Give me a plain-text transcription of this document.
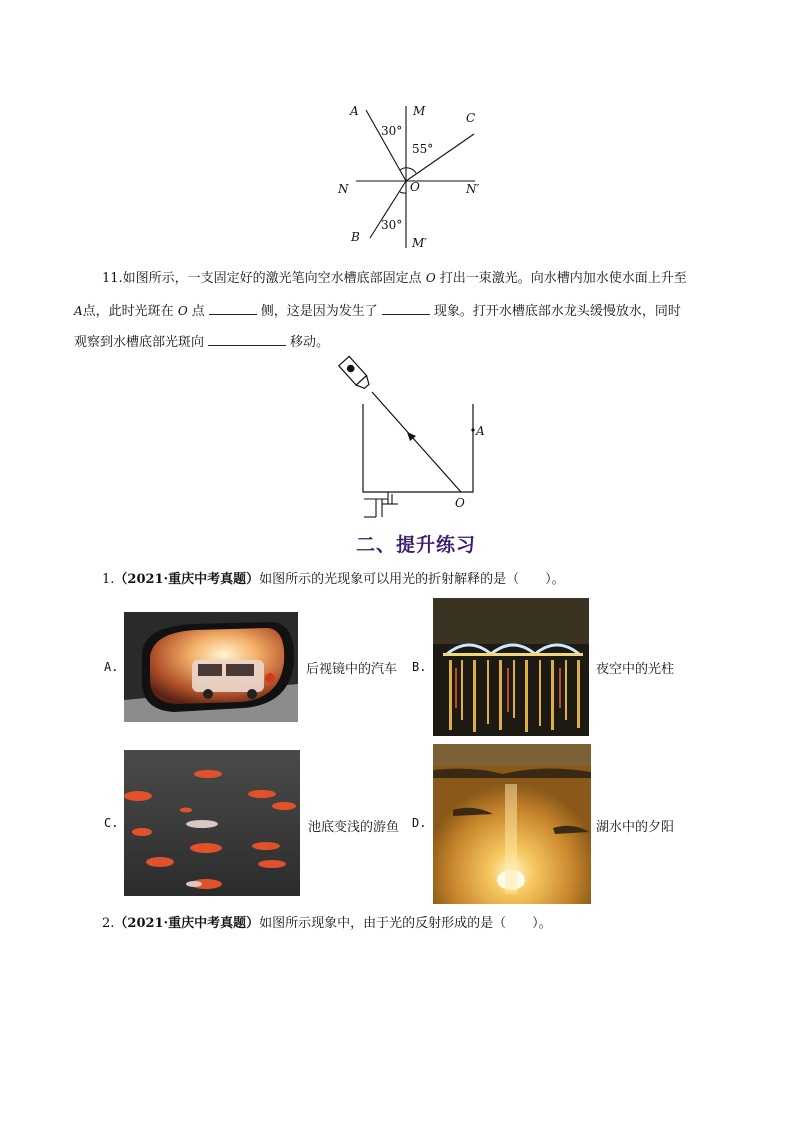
A	M	C
30°
55°
N	O	N′
30°
B	M′
11.如图所示，一支固定好的激光笔向空水槽底部固定点 O 打出一束激光。向水槽内加水使水面上升至
A点，此时光斑在 O 点	侧，这是因为发生了	现象。打开水槽底部水龙头缓慢放水，同时
观察到水槽底部光斑向	移动。
A
O
二、提升练习
1.（2021·重庆中考真题）如图所示的光现象可以用光的折射解释的是（　　）。
A.	后视镜中的汽车 B.	夜空中的光柱
C.	池底变浅的游鱼 D.	湖水中的夕阳
2.（2021·重庆中考真题）如图所示现象中，由于光的反射形成的是（　　）。
